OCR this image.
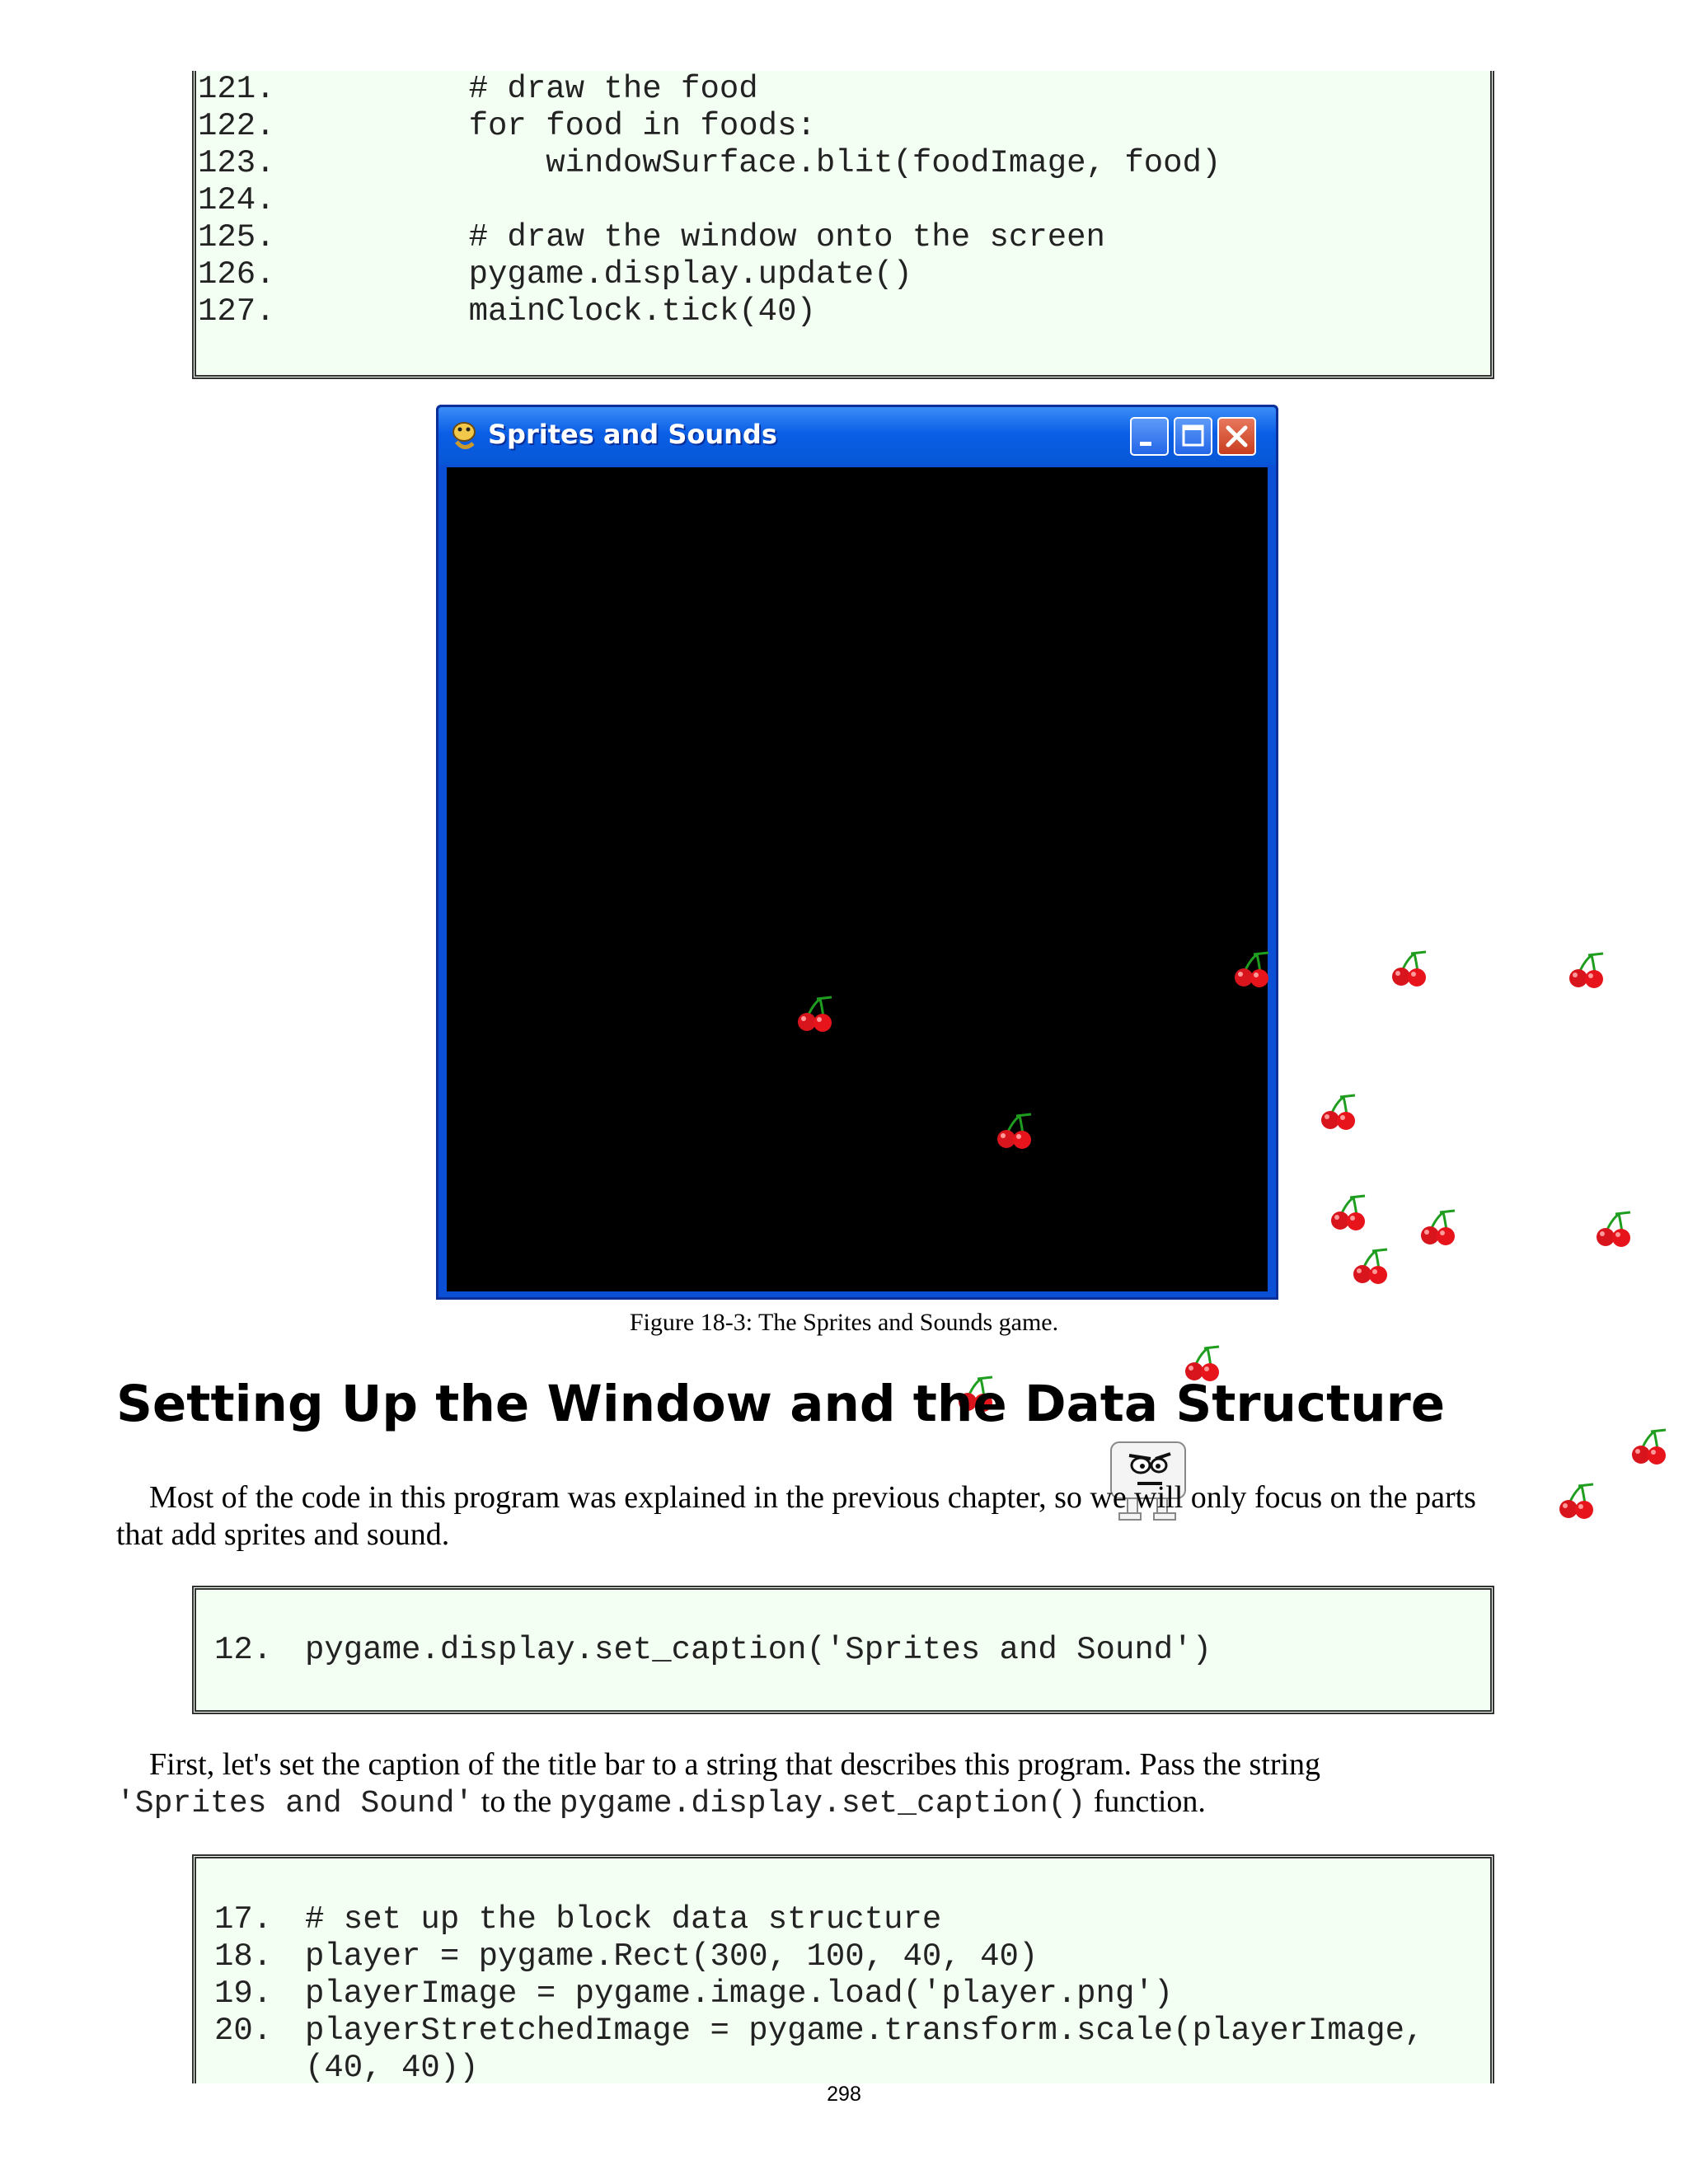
121.	# draw the food
122.	for food in foods:
123.	windowSurface.blit(foodImage, food)
124.
125.	# draw the window onto the screen
126.	pygame.display.update()
127.	mainClock.tick(40)
Sprites and Sounds
Figure 18-3: The Sprites and Sounds game.
Setting Up the Window and the Data Structure

Most of the code in this program was explained in the previous chapter, so we will only focus on the parts that add sprites and sound.

12. pygame.display.set_caption('Sprites and Sound')

First, let's set the caption of the title bar to a string that describes this program. Pass the string
'Sprites and Sound' to the pygame.display.set_caption() function.

17. # set up the block data structure
18. player = pygame.Rect(300, 100, 40, 40)
19. playerImage = pygame.image.load('player.png')
20. playerStretchedImage = pygame.transform.scale(playerImage,
(40, 40))
298
